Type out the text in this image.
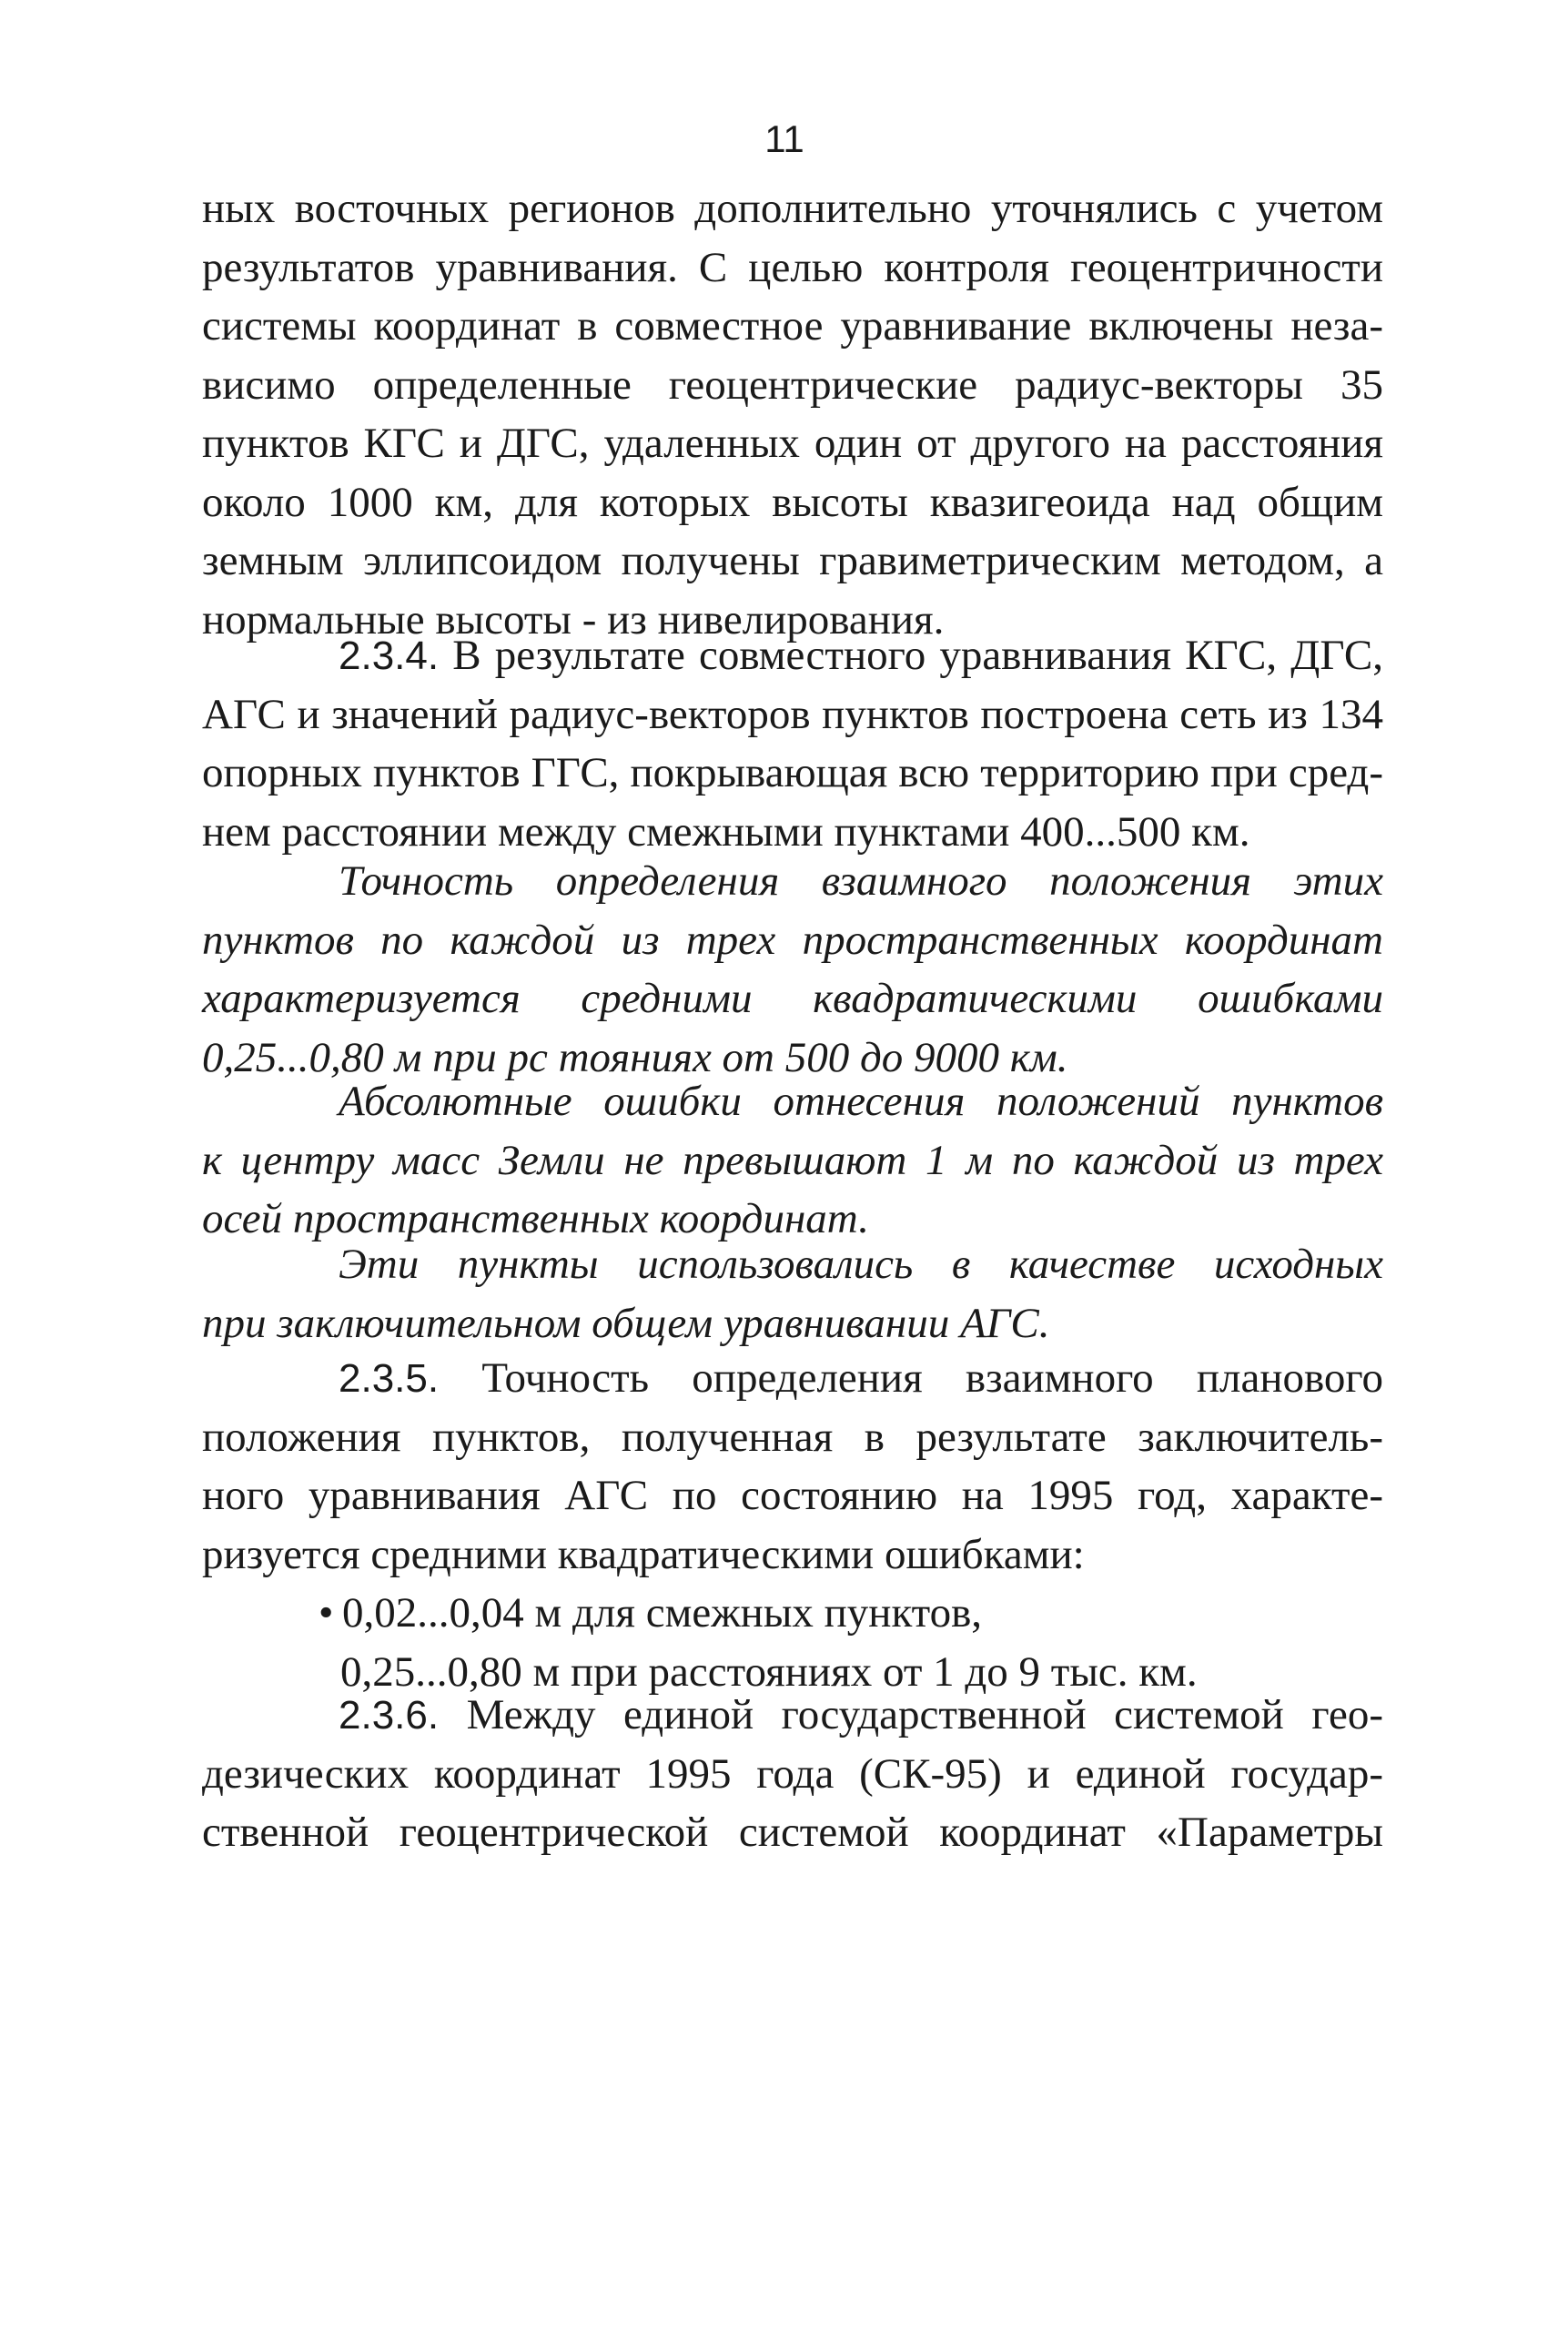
11
ных восточных регионов дополнительно уточнялись с учетом
результатов уравнивания. С целью контроля геоцентричности
системы координат в совместное уравнивание включены неза-
висимо определенные геоцентрические радиус-векторы 35
пунктов КГС и ДГС, удаленных один от другого на расстояния
около 1000 км, для которых высоты квазигеоида над общим
земным эллипсоидом получены гравиметрическим методом, а
нормальные высоты - из нивелирования.
2.3.4. В результате совместного уравнивания КГС, ДГС,
АГС и значений радиус-векторов пунктов построена сеть из 134
опорных пунктов ГГС, покрывающая всю территорию при сред-
нем расстоянии между смежными пунктами 400...500 км.
Точность определения взаимного положения этих
пунктов по каждой из трех пространственных координат
характеризуется средними квадратическими ошибками
0,25...0,80 м при рс тояниях от 500 до 9000 км.
Абсолютные ошибки отнесения положений пунктов
к центру масс Земли не превышают 1 м по каждой из трех
осей пространственных координат.
Эти пункты использовались в качестве исходных
при заключительном общем уравнивании АГС.
2.3.5. Точность определения взаимного планового
положения пунктов, полученная в результате заключитель-
ного уравнивания АГС по состоянию на 1995 год, характе-
ризуется средними квадратическими ошибками:
• 0,02...0,04 м для смежных пунктов,
0,25...0,80 м при расстояниях от 1 до 9 тыс. км.
2.3.6. Между единой государственной системой гео-
дезических координат 1995 года (СК-95) и единой государ-
ственной геоцентрической системой координат «Параметры
